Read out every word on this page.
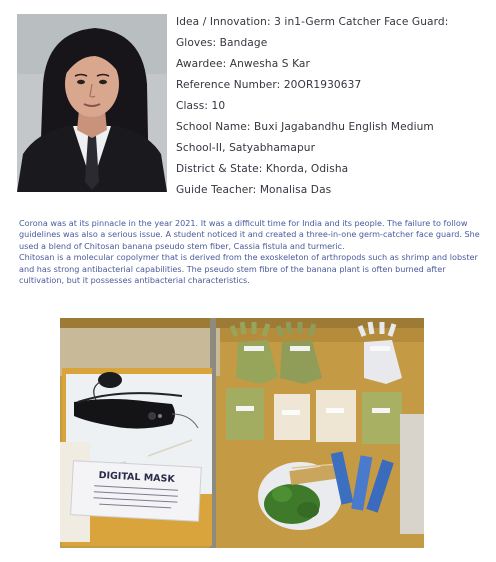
Idea / Innovation: 3 in1-Germ Catcher Face Guard:
Gloves: Bandage
Awardee: Anwesha S Kar
Reference Number: 20OR1930637
Class: 10
School Name: Buxi Jagabandhu English Medium
School-II, Satyabhamapur
District & State: Khorda, Odisha
Guide Teacher: Monalisa Das

Corona was at its pinnacle in the year 2021. It was a difficult time for India and its people. The failure to follow guidelines was also a serious issue. A student noticed it and created a three-in-one germ-catcher face guard. She used a blend of Chitosan banana pseudo stem fiber, Cassia fistula and turmeric.

Chitosan is a molecular copolymer that is derived from the exoskeleton of arthropods such as shrimp and lobster and has strong antibacterial capabilities. The pseudo stem fibre of the banana plant is often burned after cultivation, but it possesses antibacterial characteristics.

DIGITAL MASK
